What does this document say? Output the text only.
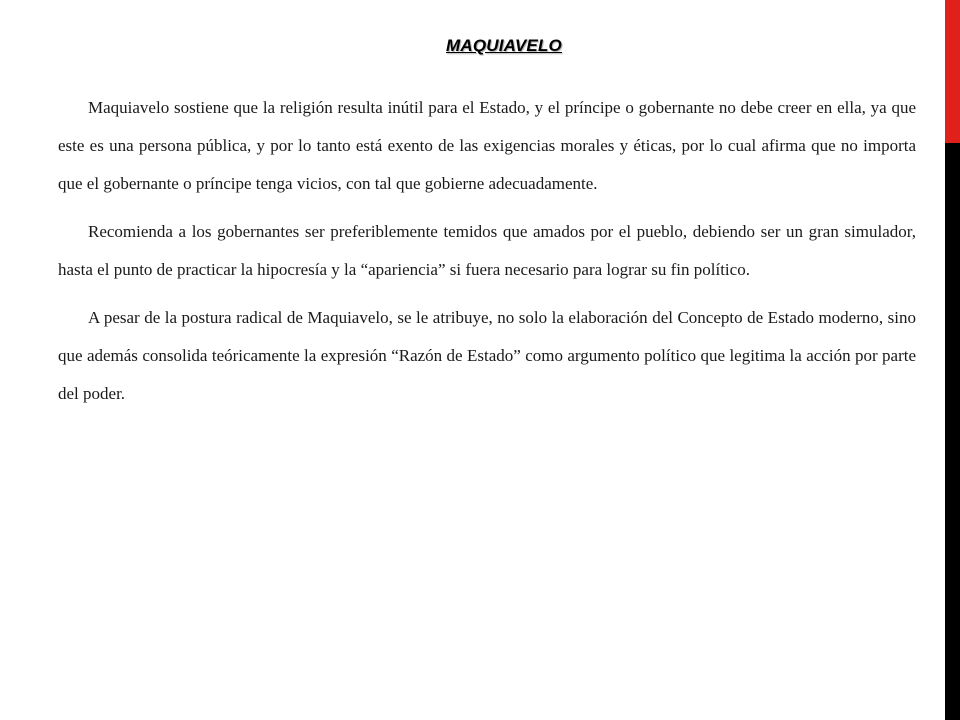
MAQUIAVELO

Maquiavelo sostiene que la religión resulta inútil para el Estado, y el príncipe o gobernante no debe creer en ella, ya que este es una persona pública, y por lo tanto está exento de las exigencias morales y éticas, por lo cual afirma que no importa que el gobernante o príncipe tenga vicios, con tal que gobierne adecuadamente.

Recomienda a los gobernantes ser preferiblemente temidos que amados por el pueblo, debiendo ser un gran simulador, hasta el punto de practicar la hipocresía y la “apariencia” si fuera necesario para lograr su fin político.

A pesar de la postura radical de Maquiavelo, se le atribuye, no solo la elaboración del Concepto de Estado moderno, sino que además consolida teóricamente la expresión “Razón de Estado” como argumento político que legitima la acción por parte del poder.
